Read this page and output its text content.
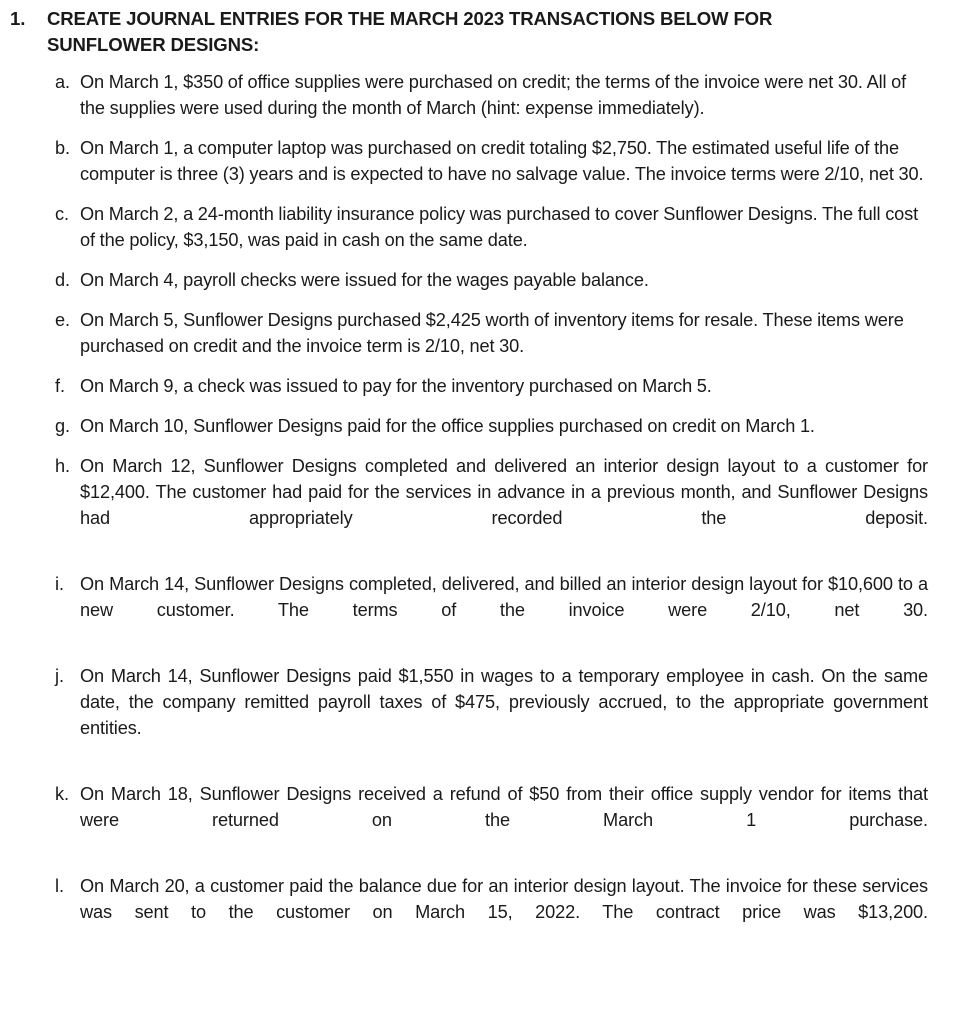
1.	CREATE JOURNAL ENTRIES FOR THE MARCH 2023 TRANSACTIONS BELOW FOR SUNFLOWER DESIGNS:
a. On March 1, $350 of office supplies were purchased on credit; the terms of the invoice were net 30. All of the supplies were used during the month of March (hint: expense immediately).
b. On March 1, a computer laptop was purchased on credit totaling $2,750. The estimated useful life of the computer is three (3) years and is expected to have no salvage value. The invoice terms were 2/10, net 30.
c. On March 2, a 24-month liability insurance policy was purchased to cover Sunflower Designs. The full cost of the policy, $3,150, was paid in cash on the same date.
d. On March 4, payroll checks were issued for the wages payable balance.
e. On March 5, Sunflower Designs purchased $2,425 worth of inventory items for resale. These items were purchased on credit and the invoice term is 2/10, net 30.
f. On March 9, a check was issued to pay for the inventory purchased on March 5.
g. On March 10, Sunflower Designs paid for the office supplies purchased on credit on March 1.
h. On March 12, Sunflower Designs completed and delivered an interior design layout to a customer for $12,400. The customer had paid for the services in advance in a previous month, and Sunflower Designs had appropriately recorded the deposit.
i. On March 14, Sunflower Designs completed, delivered, and billed an interior design layout for $10,600 to a new customer. The terms of the invoice were 2/10, net 30.
j. On March 14, Sunflower Designs paid $1,550 in wages to a temporary employee in cash. On the same date, the company remitted payroll taxes of $475, previously accrued, to the appropriate government entities.
k. On March 18, Sunflower Designs received a refund of $50 from their office supply vendor for items that were returned on the March 1 purchase.
l. On March 20, a customer paid the balance due for an interior design layout. The invoice for these services was sent to the customer on March 15, 2022. The contract price was $13,200.
